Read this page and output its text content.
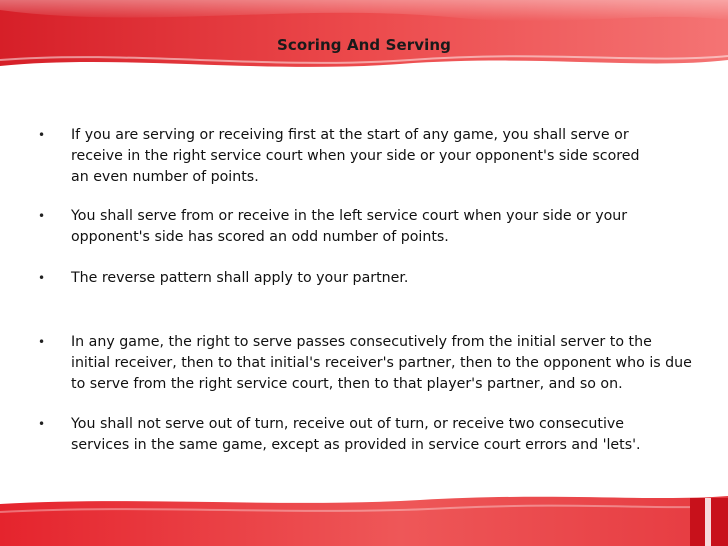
Scoring And Serving
• If you are serving or receiving first at the start of any game, you shall serve or
receive in the right service court when your side or your opponent's side scored
an even number of points.
• You shall serve from or receive in the left service court when your side or your
opponent's side has scored an odd number of points.
• The reverse pattern shall apply to your partner.
• In any game, the right to serve passes consecutively from the initial server to the
initial receiver, then to that initial's receiver's partner, then to the opponent who is due
to serve from the right service court, then to that player's partner, and so on.
• You shall not serve out of turn, receive out of turn, or receive two consecutive
services in the same game, except as provided in service court errors and 'lets'.
